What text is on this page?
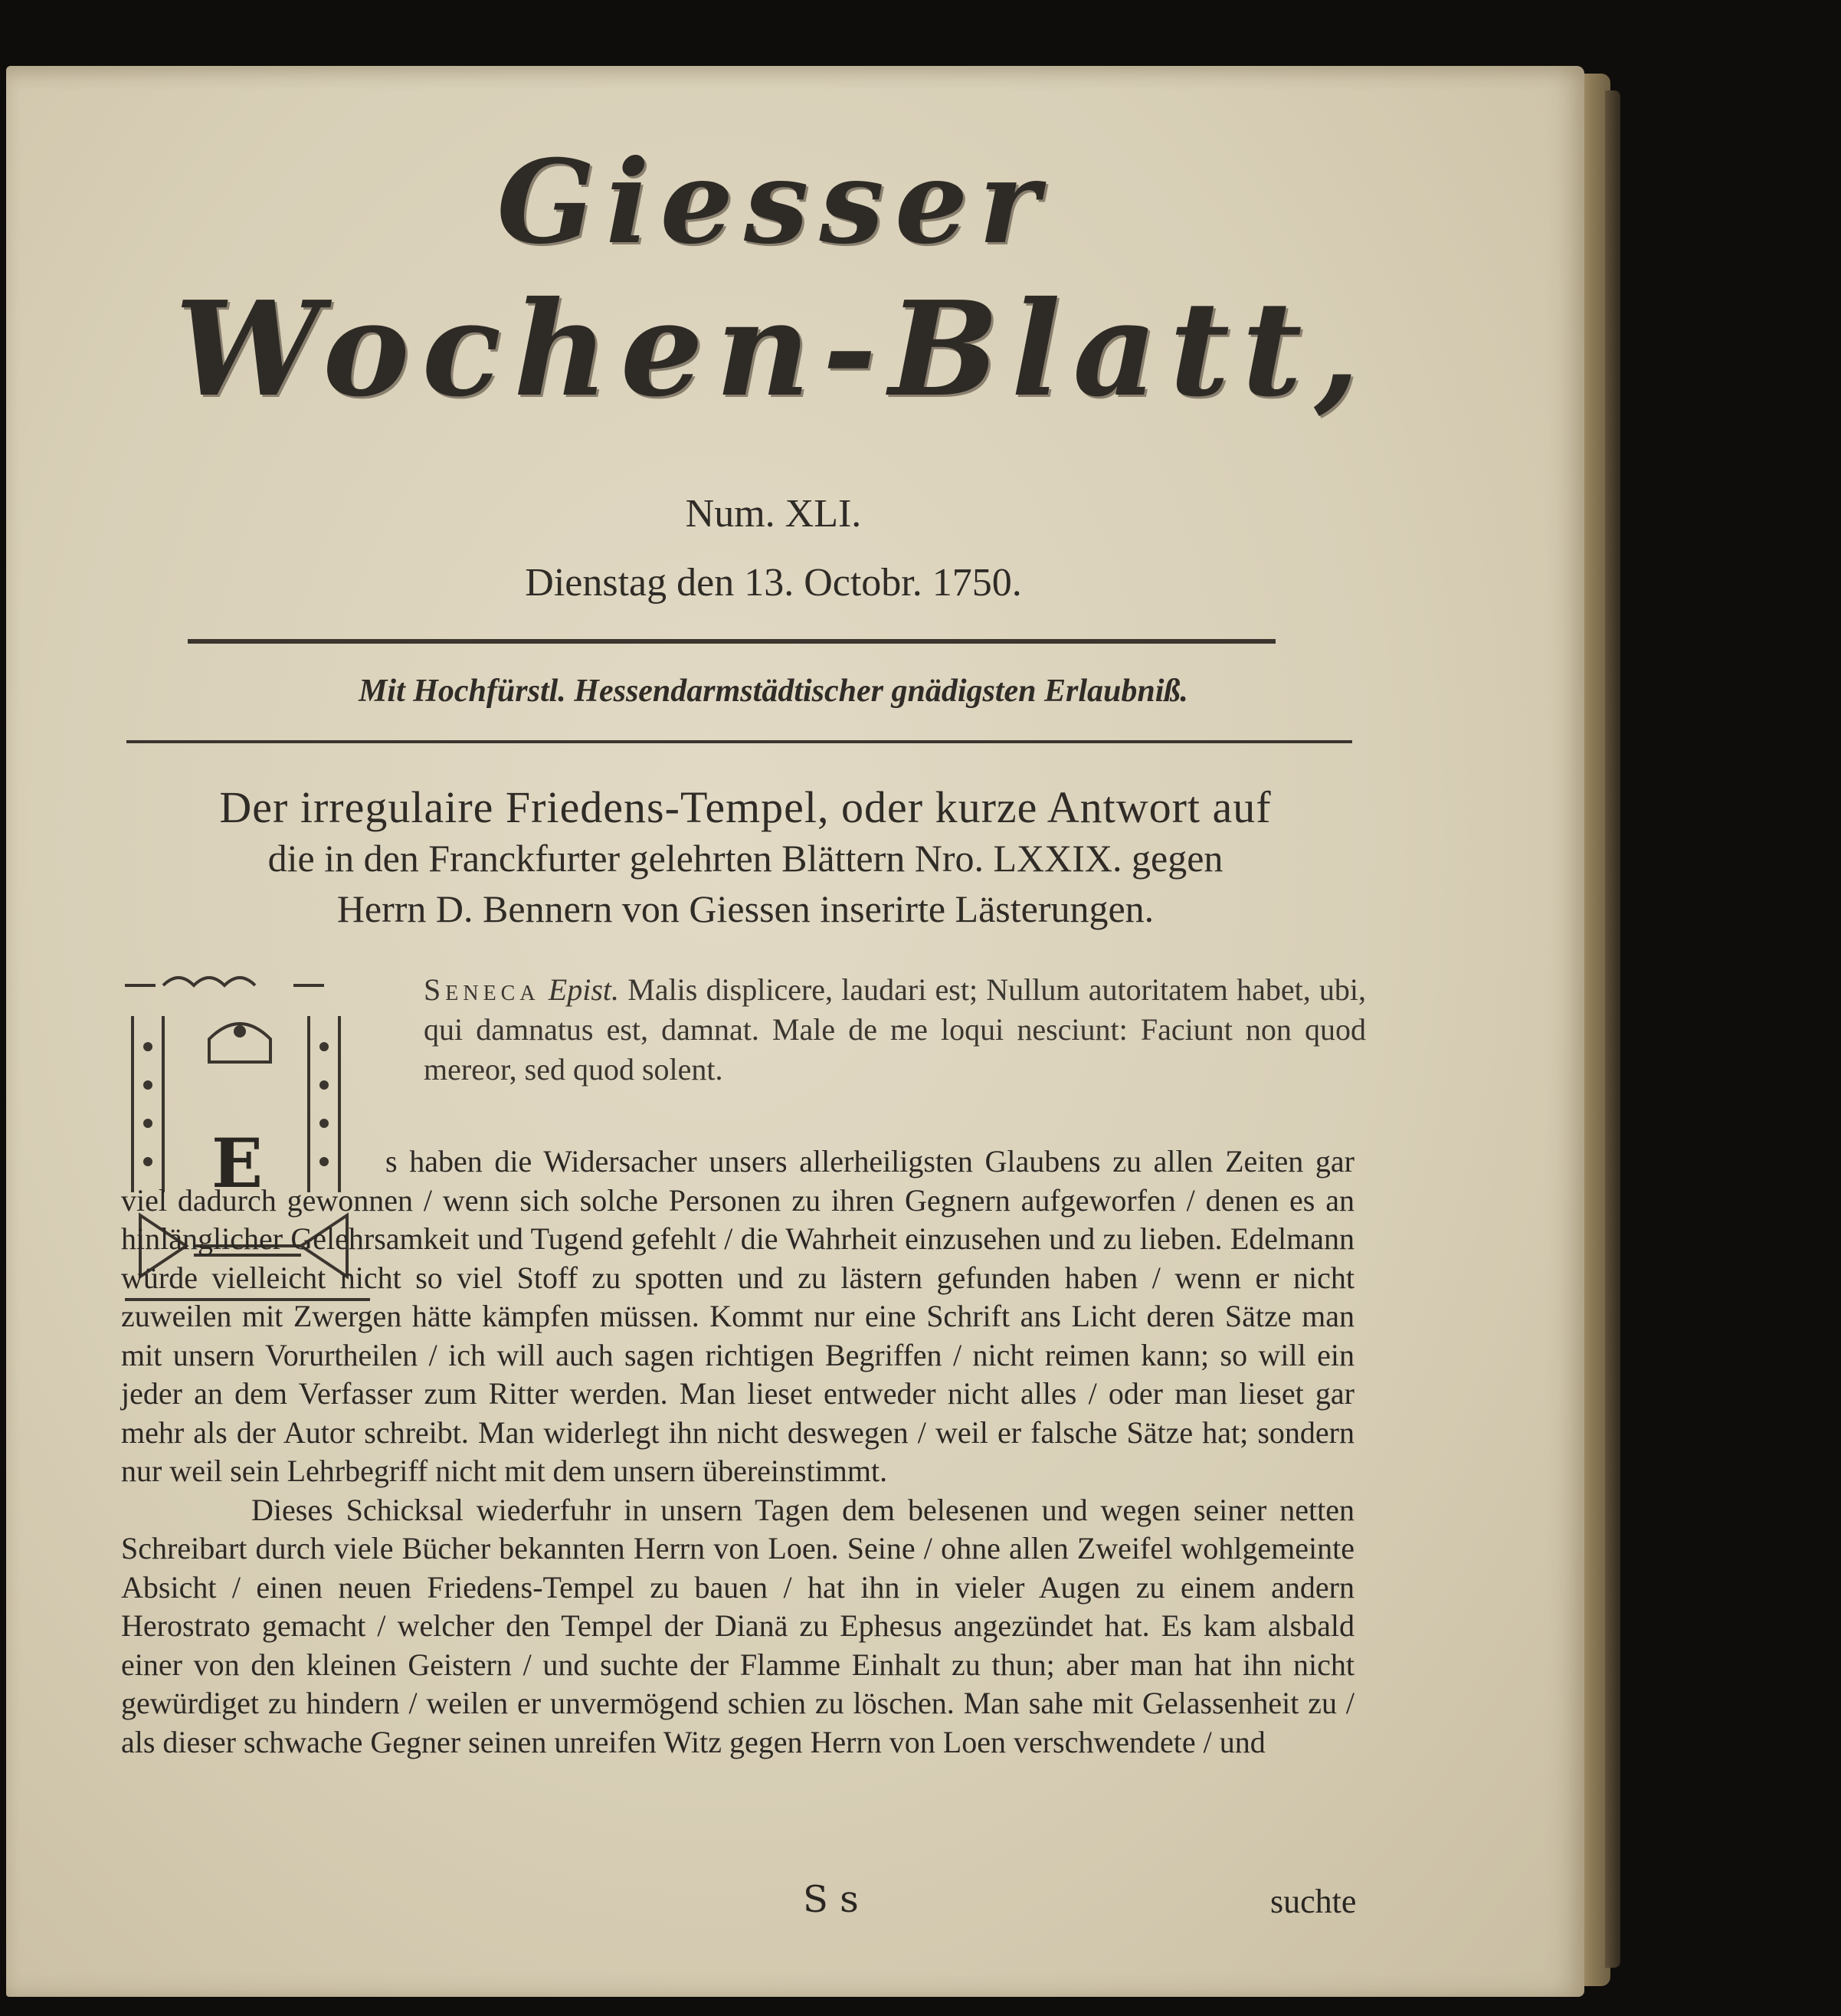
Giesser
Wochen-Blatt,
Num. XLI.
Dienstag den 13. Octobr. 1750.
Mit Hochfürstl. Hessendarmstädtischer gnädigsten Erlaubniß.
Der irregulaire Friedens-Tempel, oder kurze Antwort auf
die in den Franckfurter gelehrten Blättern Nro. LXXIX. gegen
Herrn D. Bennern von Giessen inserirte Lästerungen.
E
Seneca Epist. Malis displicere, laudari est; Nullum autoritatem habet, ubi, qui damnatus est, damnat. Male de me loqui nesciunt: Faciunt non quod mereor, sed quod solent.

s haben die Widersacher unsers allerheiligsten Glaubens zu allen Zeiten gar viel dadurch gewonnen / wenn sich solche Personen zu ihren Gegnern aufgeworfen / denen es an hinlänglicher Gelehrsamkeit und Tugend gefehlt / die Wahrheit einzusehen und zu lieben. Edelmann würde vielleicht nicht so viel Stoff zu spotten und zu lästern gefunden haben / wenn er nicht zuweilen mit Zwergen hätte kämpfen müssen. Kommt nur eine Schrift ans Licht deren Sätze man mit unsern Vorurtheilen / ich will auch sagen richtigen Begriffen / nicht reimen kann; so will ein jeder an dem Verfasser zum Ritter werden. Man lieset entweder nicht alles / oder man lieset gar mehr als der Autor schreibt. Man widerlegt ihn nicht deswegen / weil er falsche Sätze hat; sondern nur weil sein Lehrbegriff nicht mit dem unsern übereinstimmt.

Dieses Schicksal wiederfuhr in unsern Tagen dem belesenen und wegen seiner netten Schreibart durch viele Bücher bekannten Herrn von Loen. Seine / ohne allen Zweifel wohlgemeinte Absicht / einen neuen Friedens-Tempel zu bauen / hat ihn in vieler Augen zu einem andern Herostrato gemacht / welcher den Tempel der Dianä zu Ephesus angezündet hat. Es kam alsbald einer von den kleinen Geistern / und suchte der Flamme Einhalt zu thun; aber man hat ihn nicht gewürdiget zu hindern / weilen er unvermögend schien zu löschen. Man sahe mit Gelassenheit zu / als dieser schwache Gegner seinen unreifen Witz gegen Herrn von Loen verschwendete / und

S s	suchte
